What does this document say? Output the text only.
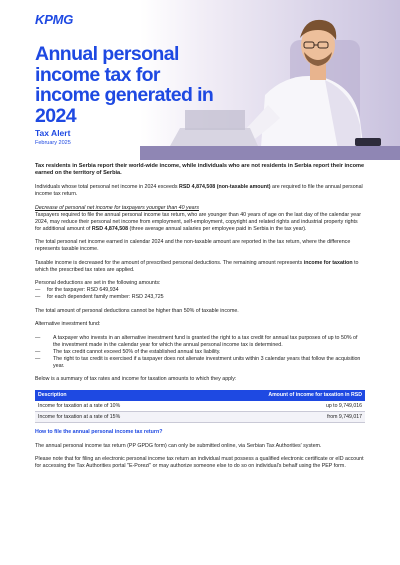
KPMG
Annual personal income tax for income generated in 2024
Tax Alert
February 2025

Tax residents in Serbia report their world-wide income, while individuals who are not residents in Serbia report their income earned on the territory of Serbia.

Individuals whose total personal net income in 2024 exceeds RSD 4,874,508 (non-taxable amount) are required to file the annual personal income tax return.

Decrease of personal net income for taxpayers younger than 40 years
Taxpayers required to file the annual personal income tax return, who are younger than 40 years of age on the last day of the calendar year 2024, may reduce their personal net income from employment, self-employment, copyright and related rights and industrial property rights for additional amount of RSD 4,874,508 (three average annual salaries per employee paid in Serbia in the tax year).

The total personal net income earned in calendar 2024 and the non-taxable amount are reported in the tax return, where the difference represents taxable income.

Taxable income is decreased for the amount of prescribed personal deductions. The remaining amount represents income for taxation to which the prescribed tax rates are applied.

Personal deductions are set in the following amounts:

— for the taxpayer: RSD 649,934
— for each dependent family member: RSD 243,725

The total amount of personal deductions cannot be higher than 50% of taxable income.

Alternative investment fund:

— A taxpayer who invests in an alternative investment fund is granted the right to a tax credit for annual tax purposes of up to 50% of the investment made in the calendar year for which the annual personal income tax is determined.
— The tax credit cannot exceed 50% of the established annual tax liability.
— The right to tax credit is exercised if a taxpayer does not alienate investment units within 3 calendar years that follow the acquisition year.

Below is a summary of tax rates and income for taxation amounts to which they apply:

Description	Amount of income for taxation in RSD
Income for taxation at a rate of 10%	up to 9,749,016
Income for taxation at a rate of 15%	from 9,749,017

How to file the annual personal income tax return?

The annual personal income tax return (PP GPDG form) can only be submitted online, via Serbian Tax Authorities' system.

Please note that for filing an electronic personal income tax return an individual must possess a qualified electronic certificate or eID account for accessing the Tax Authorities portal "E-Porezi" or may authorize someone else to do so on individual's behalf using the PEP form.
